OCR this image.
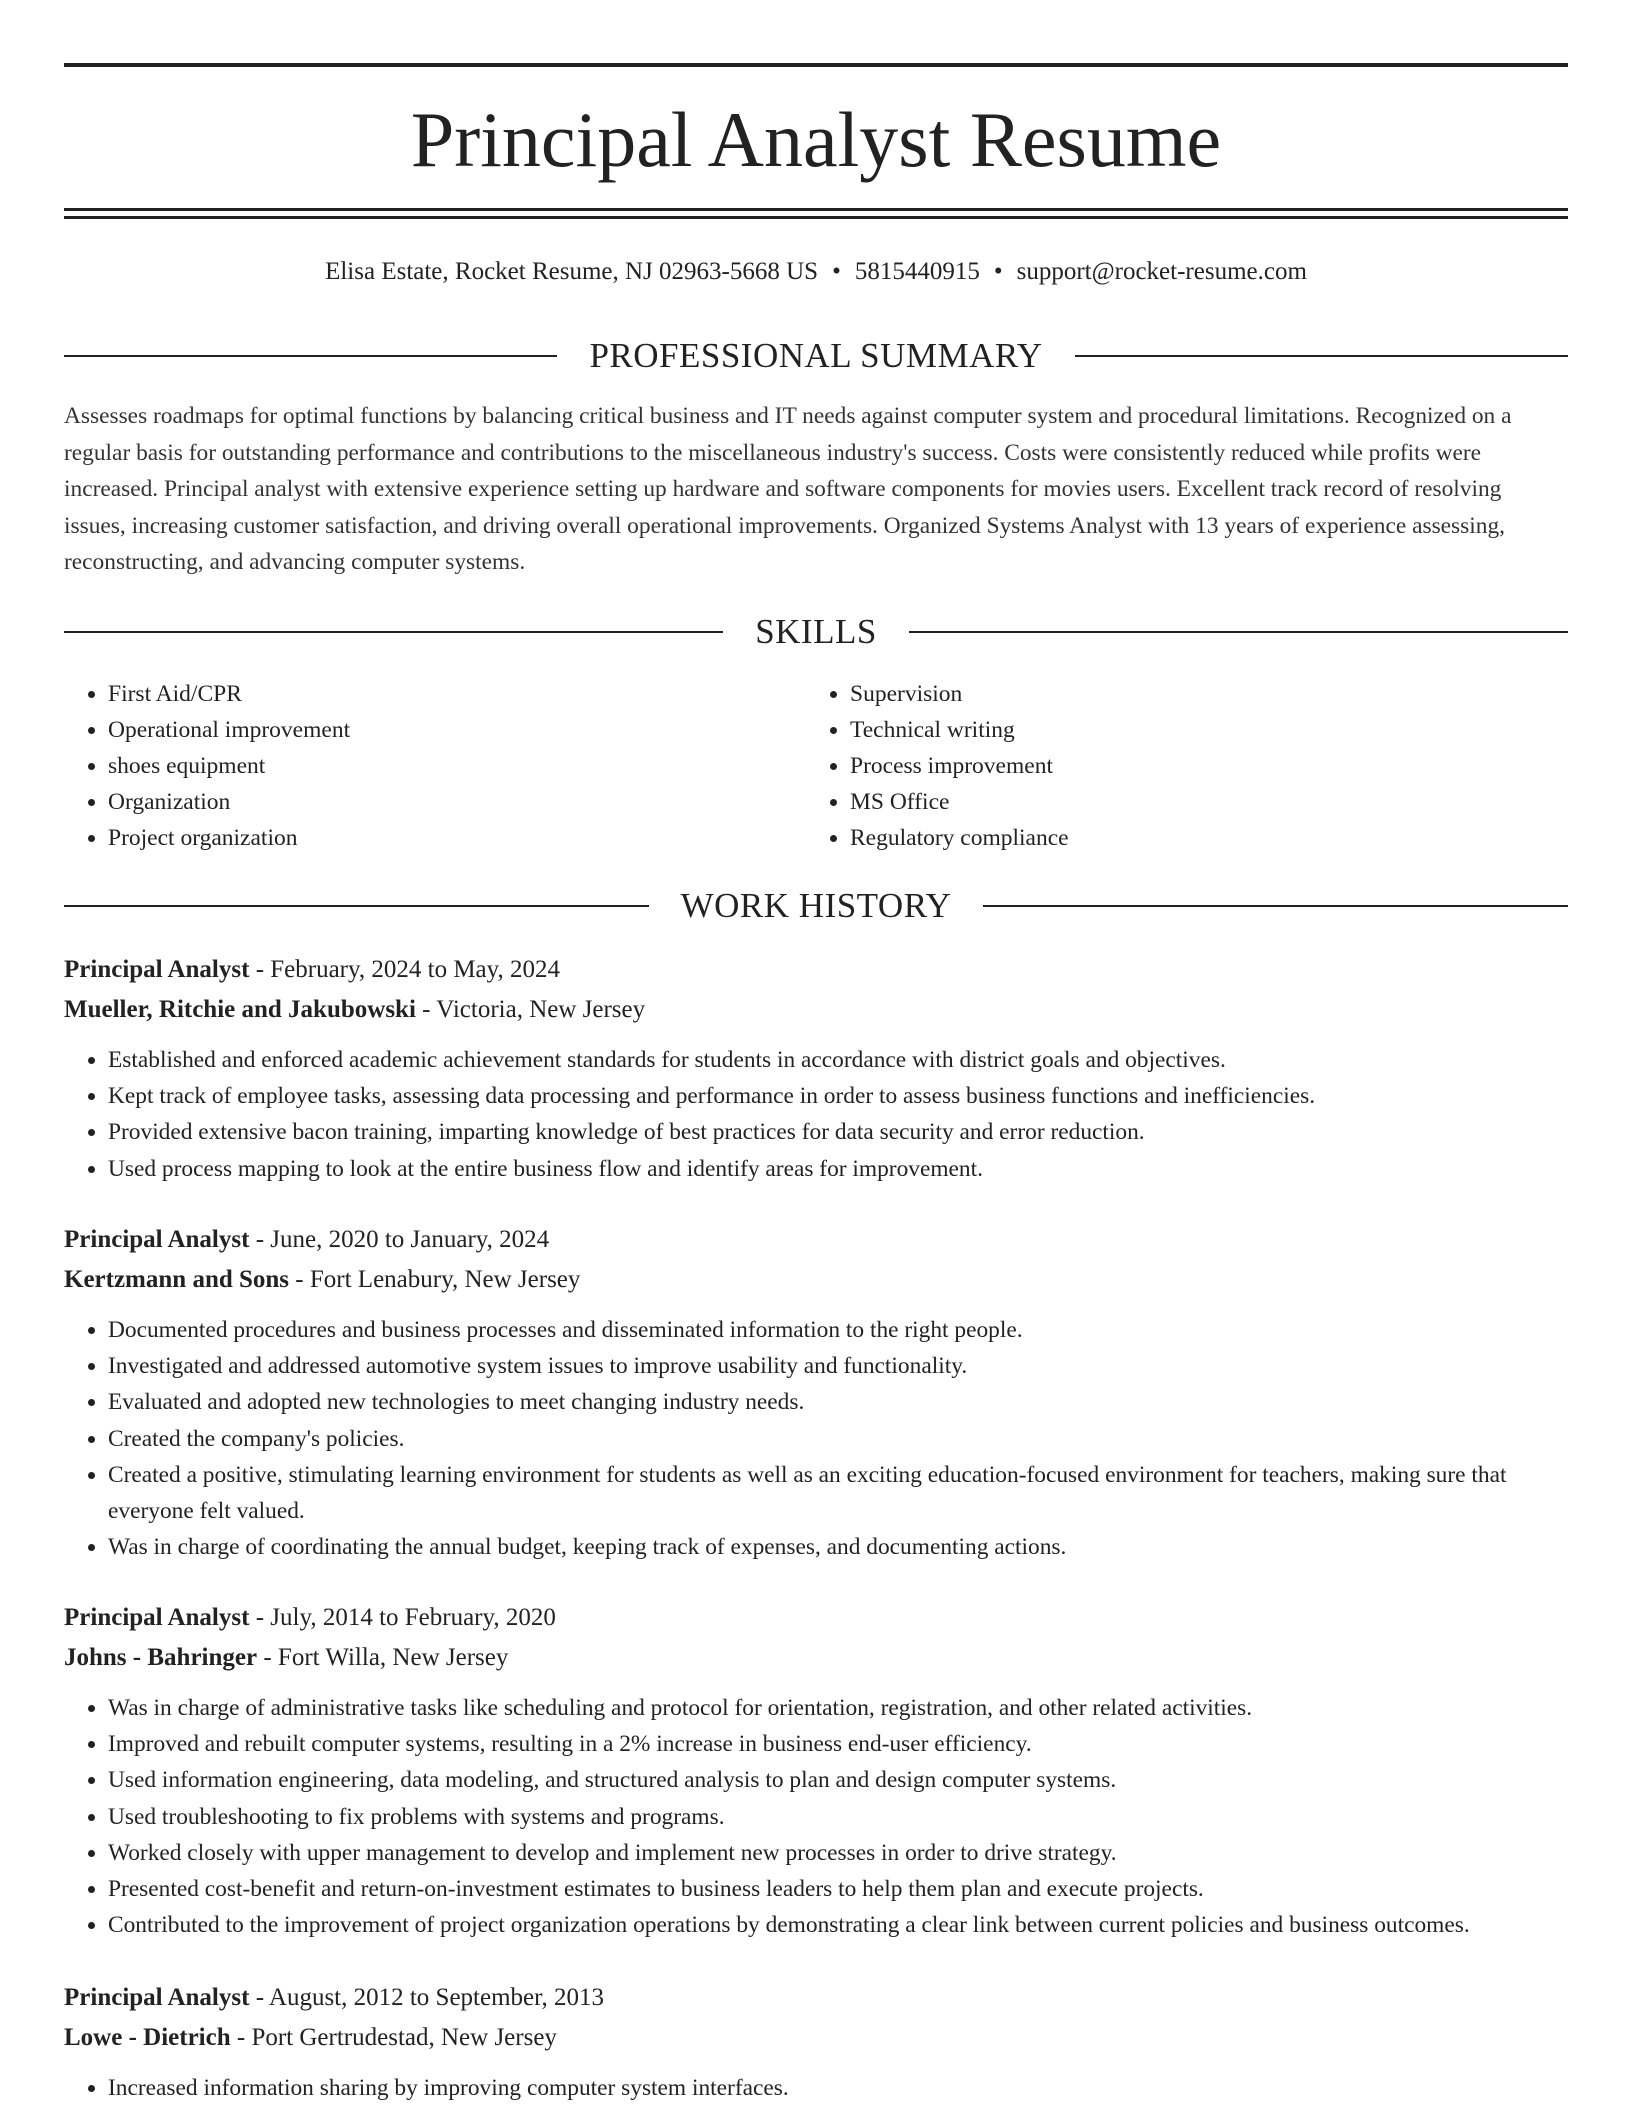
Principal Analyst Resume
Elisa Estate, Rocket Resume, NJ 02963-5668 US • 5815440915 • support@rocket-resume.com
PROFESSIONAL SUMMARY

Assesses roadmaps for optimal functions by balancing critical business and IT needs against computer system and procedural limitations. Recognized on a regular basis for outstanding performance and contributions to the miscellaneous industry's success. Costs were consistently reduced while profits were increased. Principal analyst with extensive experience setting up hardware and software components for movies users. Excellent track record of resolving issues, increasing customer satisfaction, and driving overall operational improvements. Organized Systems Analyst with 13 years of experience assessing, reconstructing, and advancing computer systems.

SKILLS
• First Aid/CPR
• Operational improvement
• shoes equipment
• Organization
• Project organization
• Supervision
• Technical writing
• Process improvement
• MS Office
• Regulatory compliance
WORK HISTORY
Principal Analyst - February, 2024 to May, 2024
Mueller, Ritchie and Jakubowski - Victoria, New Jersey
• Established and enforced academic achievement standards for students in accordance with district goals and objectives.
• Kept track of employee tasks, assessing data processing and performance in order to assess business functions and inefficiencies.
• Provided extensive bacon training, imparting knowledge of best practices for data security and error reduction.
• Used process mapping to look at the entire business flow and identify areas for improvement.
Principal Analyst - June, 2020 to January, 2024
Kertzmann and Sons - Fort Lenabury, New Jersey
• Documented procedures and business processes and disseminated information to the right people.
• Investigated and addressed automotive system issues to improve usability and functionality.
• Evaluated and adopted new technologies to meet changing industry needs.
• Created the company's policies.
• Created a positive, stimulating learning environment for students as well as an exciting education-focused environment for teachers, making sure that everyone felt valued.
• Was in charge of coordinating the annual budget, keeping track of expenses, and documenting actions.
Principal Analyst - July, 2014 to February, 2020
Johns - Bahringer - Fort Willa, New Jersey
• Was in charge of administrative tasks like scheduling and protocol for orientation, registration, and other related activities.
• Improved and rebuilt computer systems, resulting in a 2% increase in business end-user efficiency.
• Used information engineering, data modeling, and structured analysis to plan and design computer systems.
• Used troubleshooting to fix problems with systems and programs.
• Worked closely with upper management to develop and implement new processes in order to drive strategy.
• Presented cost-benefit and return-on-investment estimates to business leaders to help them plan and execute projects.
• Contributed to the improvement of project organization operations by demonstrating a clear link between current policies and business outcomes.
Principal Analyst - August, 2012 to September, 2013
Lowe - Dietrich - Port Gertrudestad, New Jersey
• Increased information sharing by improving computer system interfaces.
